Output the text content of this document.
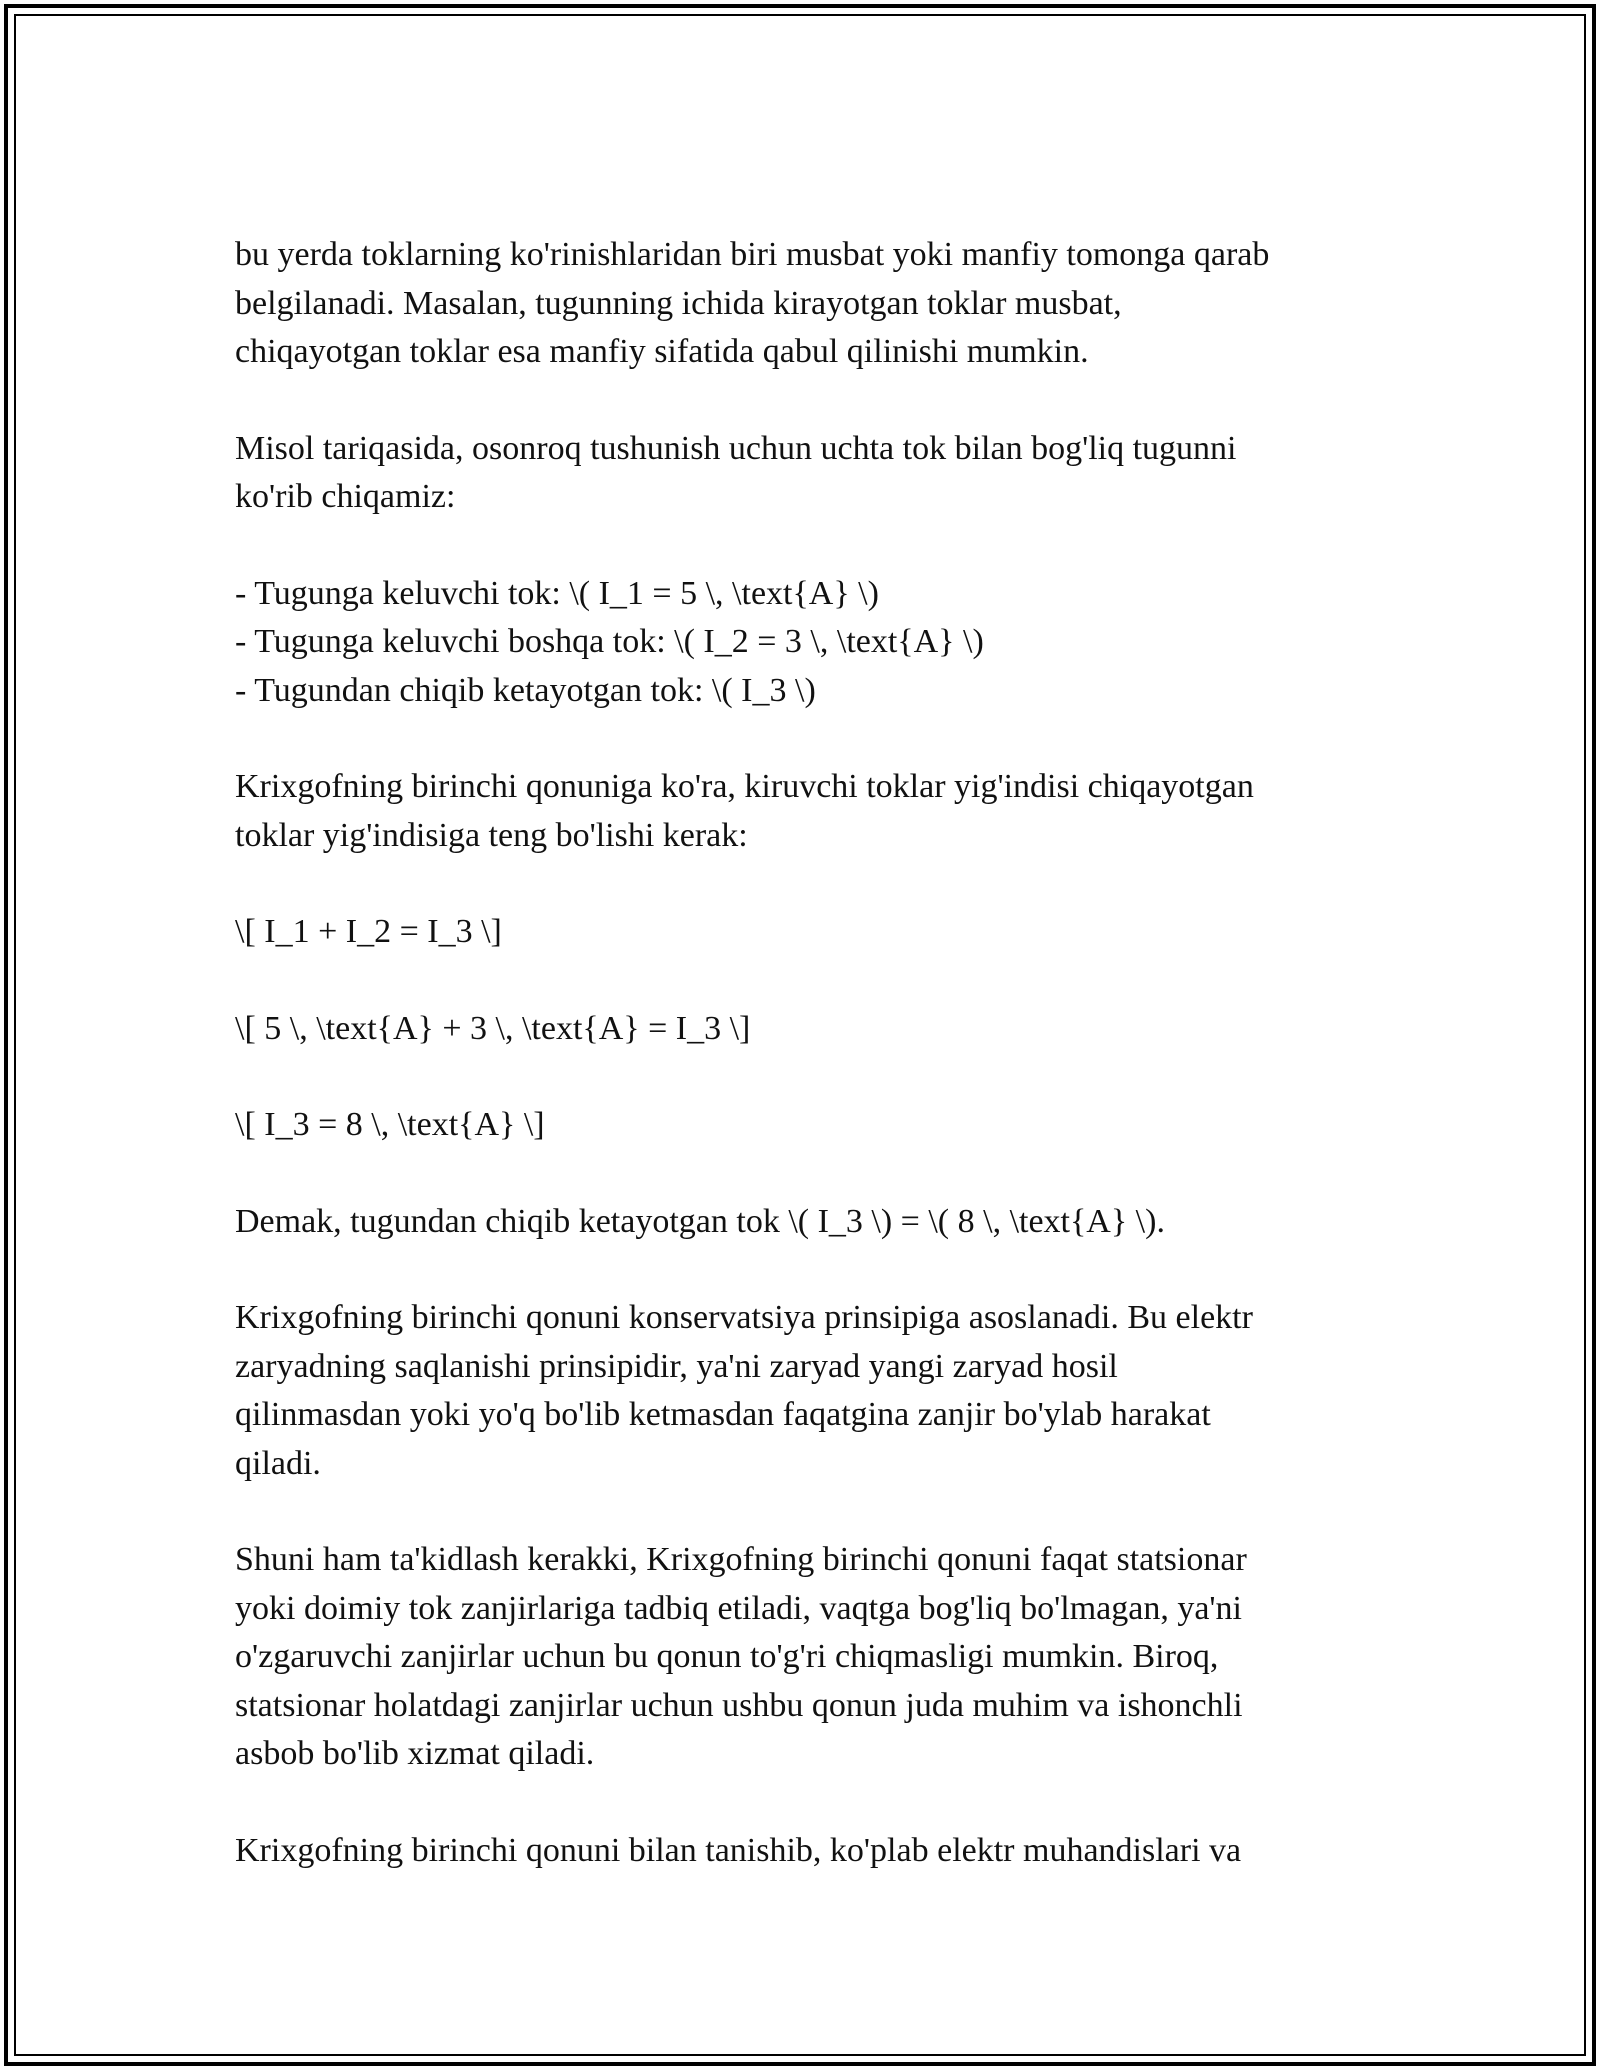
bu yerda toklarning ko'rinishlaridan biri musbat yoki manfiy tomonga qarab
belgilanadi. Masalan, tugunning ichida kirayotgan toklar musbat,
chiqayotgan toklar esa manfiy sifatida qabul qilinishi mumkin.

Misol tariqasida, osonroq tushunish uchun uchta tok bilan bog'liq tugunni
ko'rib chiqamiz:

- Tugunga keluvchi tok: \( I_1 = 5 \, \text{A} \)
- Tugunga keluvchi boshqa tok: \( I_2 = 3 \, \text{A} \)
- Tugundan chiqib ketayotgan tok: \( I_3 \)

Krixgofning birinchi qonuniga ko'ra, kiruvchi toklar yig'indisi chiqayotgan
toklar yig'indisiga teng bo'lishi kerak:

\[ I_1 + I_2 = I_3 \]

\[ 5 \, \text{A} + 3 \, \text{A} = I_3 \]

\[ I_3 = 8 \, \text{A} \]

Demak, tugundan chiqib ketayotgan tok \( I_3 \) = \( 8 \, \text{A} \).

Krixgofning birinchi qonuni konservatsiya prinsipiga asoslanadi. Bu elektr
zaryadning saqlanishi prinsipidir, ya'ni zaryad yangi zaryad hosil
qilinmasdan yoki yo'q bo'lib ketmasdan faqatgina zanjir bo'ylab harakat
qiladi.

Shuni ham ta'kidlash kerakki, Krixgofning birinchi qonuni faqat statsionar
yoki doimiy tok zanjirlariga tadbiq etiladi, vaqtga bog'liq bo'lmagan, ya'ni
o'zgaruvchi zanjirlar uchun bu qonun to'g'ri chiqmasligi mumkin. Biroq,
statsionar holatdagi zanjirlar uchun ushbu qonun juda muhim va ishonchli
asbob bo'lib xizmat qiladi.

Krixgofning birinchi qonuni bilan tanishib, ko'plab elektr muhandislari va
